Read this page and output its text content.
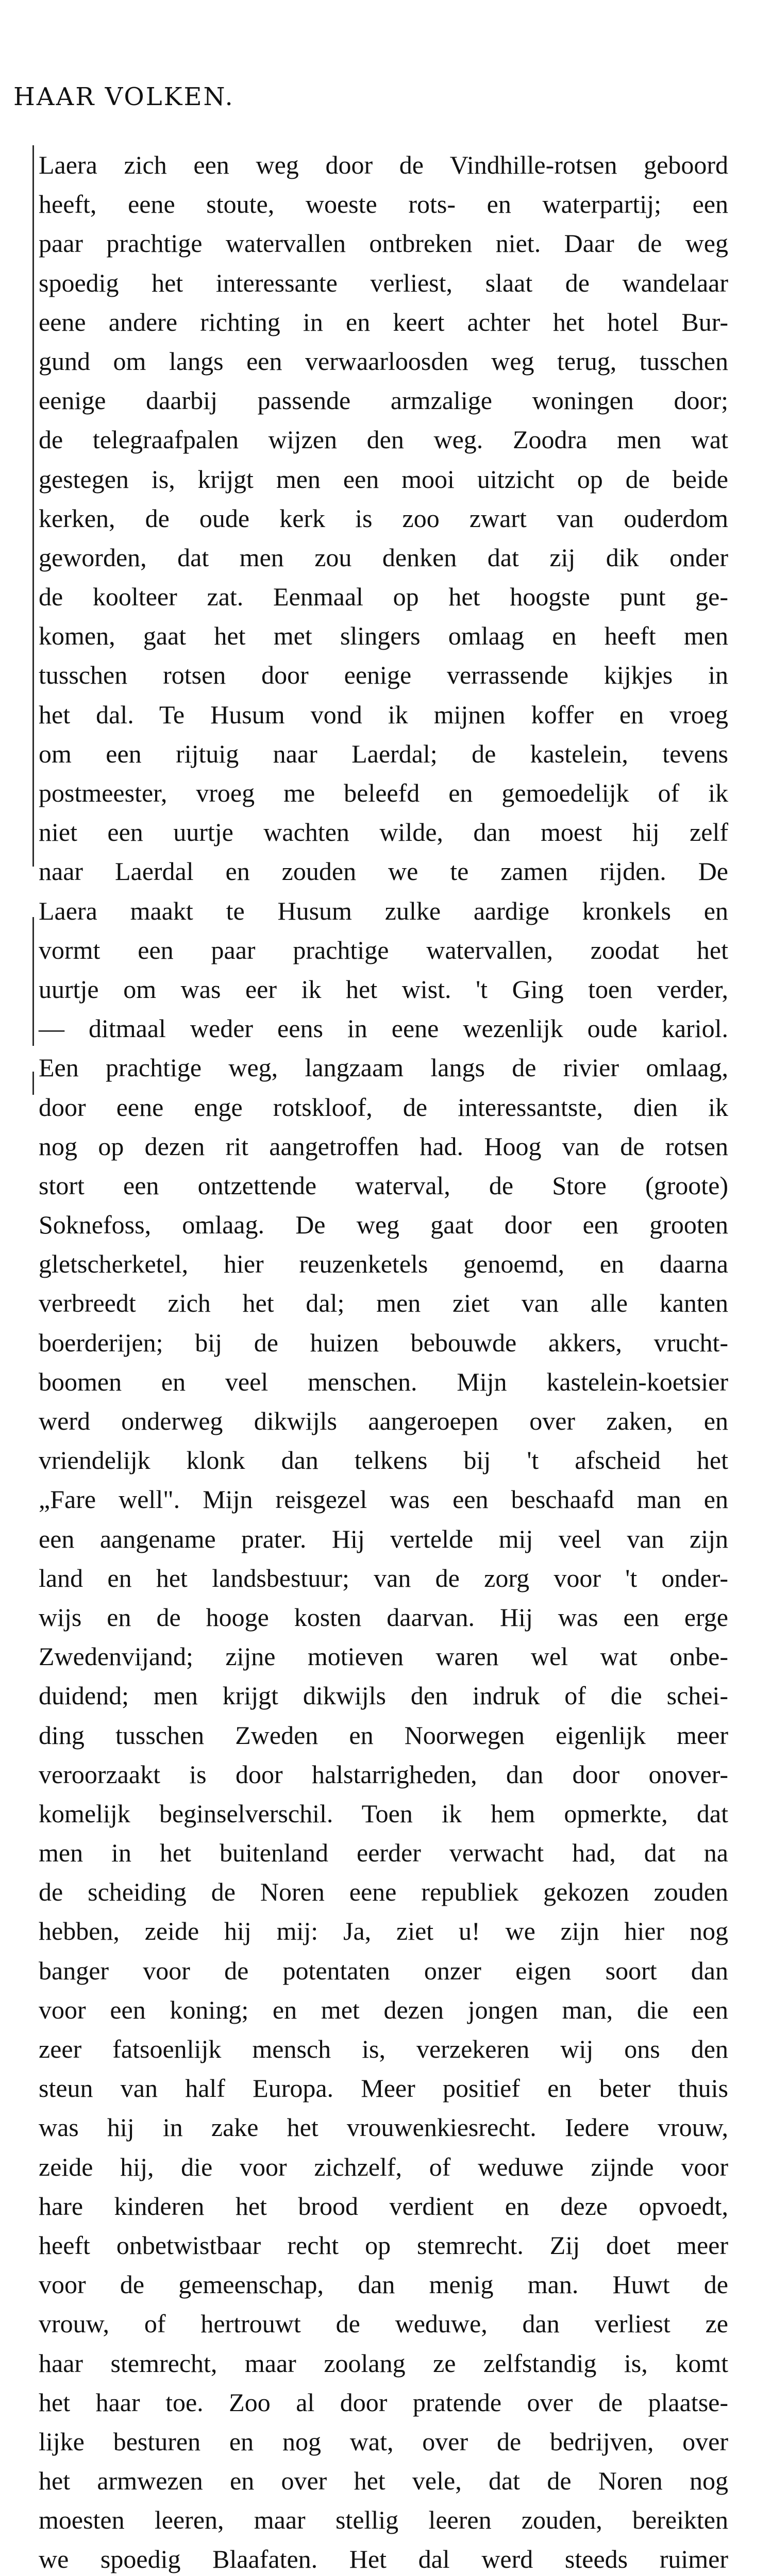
HAAR VOLKEN.
Laera zich een weg door de Vindhille-rotsen geboord
heeft, eene stoute, woeste rots- en waterpartij; een
paar prachtige watervallen ontbreken niet. Daar de weg
spoedig het interessante verliest, slaat de wandelaar
eene andere richting in en keert achter het hotel Bur-
gund om langs een verwaarloosden weg terug, tusschen
eenige daarbij passende armzalige woningen door;
de telegraafpalen wijzen den weg. Zoodra men wat
gestegen is, krijgt men een mooi uitzicht op de beide
kerken, de oude kerk is zoo zwart van ouderdom
geworden, dat men zou denken dat zij dik onder
de koolteer zat. Eenmaal op het hoogste punt ge-
komen, gaat het met slingers omlaag en heeft men
tusschen rotsen door eenige verrassende kijkjes in
het dal. Te Husum vond ik mijnen koffer en vroeg
om een rijtuig naar Laerdal; de kastelein, tevens
postmeester, vroeg me beleefd en gemoedelijk of ik
niet een uurtje wachten wilde, dan moest hij zelf
naar Laerdal en zouden we te zamen rijden. De
Laera maakt te Husum zulke aardige kronkels en
vormt een paar prachtige watervallen, zoodat het
uurtje om was eer ik het wist. 't Ging toen verder,
— ditmaal weder eens in eene wezenlijk oude kariol.
Een prachtige weg, langzaam langs de rivier omlaag,
door eene enge rotskloof, de interessantste, dien ik
nog op dezen rit aangetroffen had. Hoog van de rotsen
stort een ontzettende waterval, de Store (groote)
Soknefoss, omlaag. De weg gaat door een grooten
gletscherketel, hier reuzenketels genoemd, en daarna
verbreedt zich het dal; men ziet van alle kanten
boerderijen; bij de huizen bebouwde akkers, vrucht-
boomen en veel menschen. Mijn kastelein-koetsier
werd onderweg dikwijls aangeroepen over zaken, en
vriendelijk klonk dan telkens bij 't afscheid het
„Fare well". Mijn reisgezel was een beschaafd man en
een aangename prater. Hij vertelde mij veel van zijn
land en het landsbestuur; van de zorg voor 't onder-
wijs en de hooge kosten daarvan. Hij was een erge
Zwedenvijand; zijne motieven waren wel wat onbe-
duidend; men krijgt dikwijls den indruk of die schei-
ding tusschen Zweden en Noorwegen eigenlijk meer
veroorzaakt is door halstarrigheden, dan door onover-
komelijk beginselverschil. Toen ik hem opmerkte, dat
men in het buitenland eerder verwacht had, dat na
de scheiding de Noren eene republiek gekozen zouden
hebben, zeide hij mij: Ja, ziet u! we zijn hier nog
banger voor de potentaten onzer eigen soort dan
voor een koning; en met dezen jongen man, die een
zeer fatsoenlijk mensch is, verzekeren wij ons den
steun van half Europa. Meer positief en beter thuis
was hij in zake het vrouwenkiesrecht. Iedere vrouw,
zeide hij, die voor zichzelf, of weduwe zijnde voor
hare kinderen het brood verdient en deze opvoedt,
heeft onbetwistbaar recht op stemrecht. Zij doet meer
voor de gemeenschap, dan menig man. Huwt de
vrouw, of hertrouwt de weduwe, dan verliest ze
haar stemrecht, maar zoolang ze zelfstandig is, komt
het haar toe. Zoo al door pratende over de plaatse-
lijke besturen en nog wat, over de bedrijven, over
het armwezen en over het vele, dat de Noren nog
moesten leeren, maar stellig leeren zouden, bereikten
we spoedig Blaafaten. Het dal werd steeds ruimer
